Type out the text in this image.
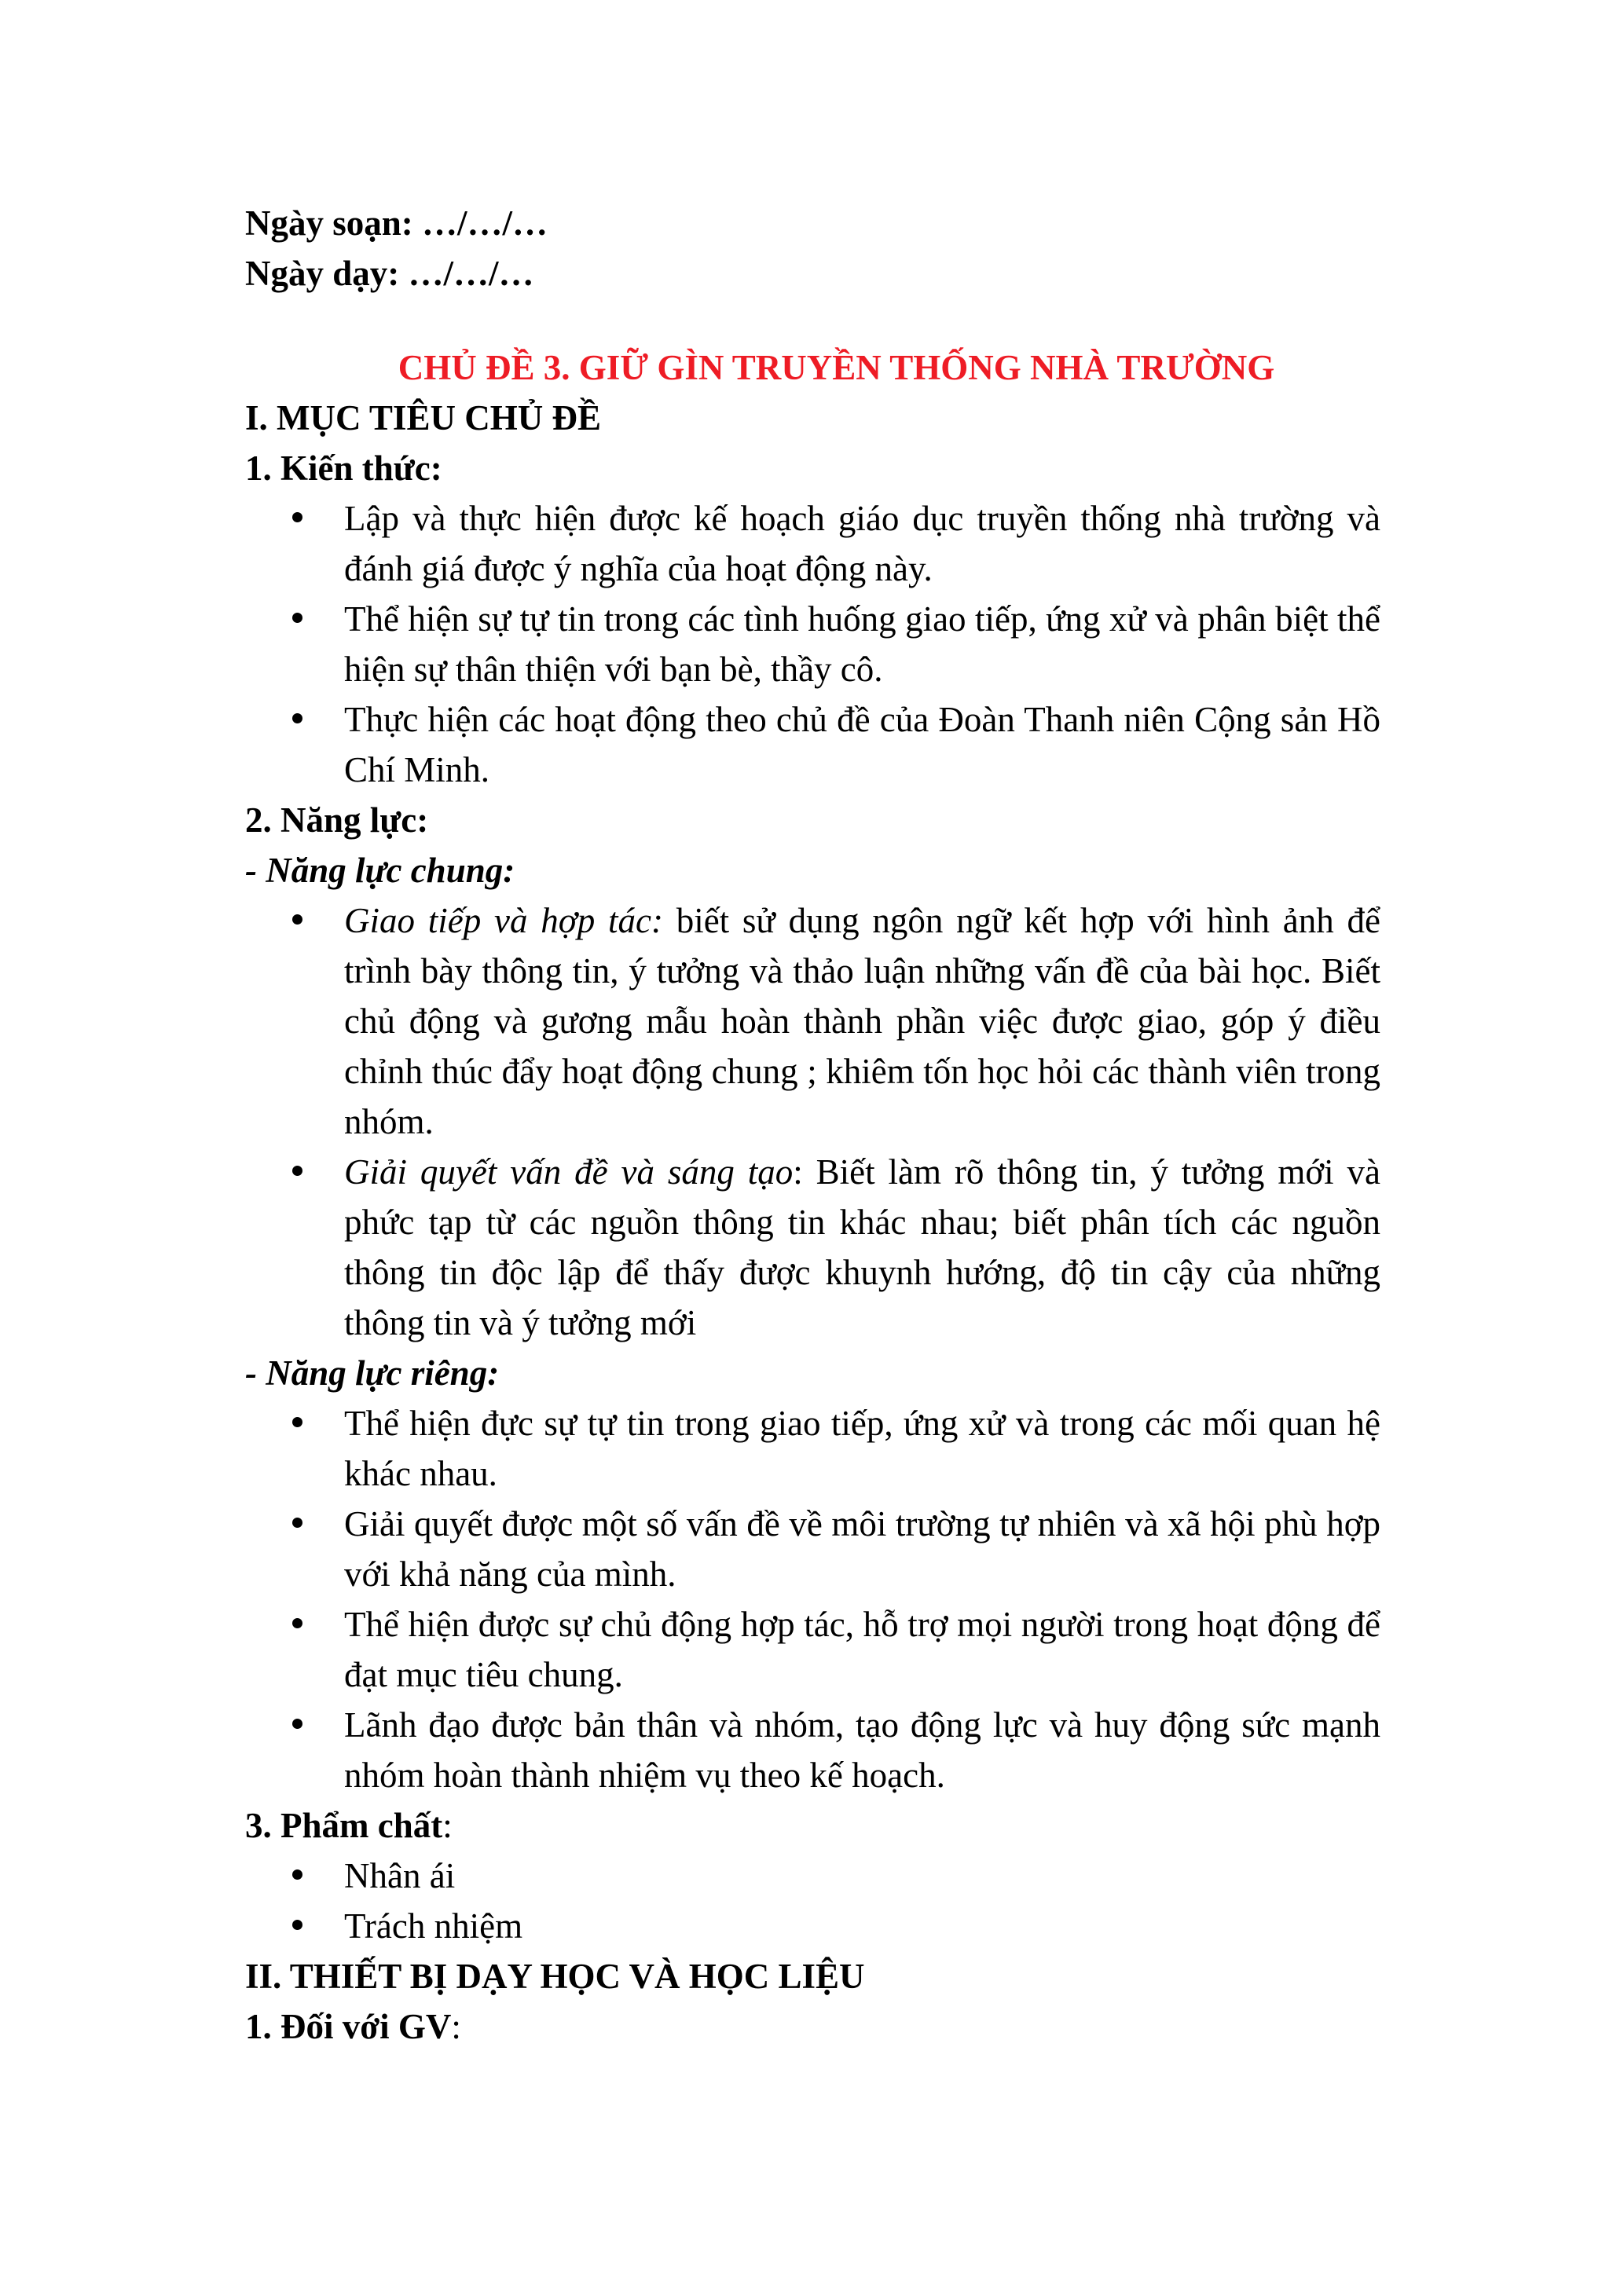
Ngày soạn: …/…/…

Ngày dạy: …/…/…

CHỦ ĐỀ 3. GIỮ GÌN TRUYỀN THỐNG NHÀ TRƯỜNG

I. MỤC TIÊU CHỦ ĐỀ

1. Kiến thức:

Lập và thực hiện được kế hoạch giáo dục truyền thống nhà trường và đánh giá được ý nghĩa của hoạt động này.
Thể hiện sự tự tin trong các tình huống giao tiếp, ứng xử và phân biệt thể hiện sự thân thiện với bạn bè, thầy cô.
Thực hiện các hoạt động theo chủ đề của Đoàn Thanh niên Cộng sản Hồ Chí Minh.

2. Năng lực:

- Năng lực chung:

Giao tiếp và hợp tác: biết sử dụng ngôn ngữ kết hợp với hình ảnh để trình bày thông tin, ý tưởng và thảo luận những vấn đề của bài học. Biết chủ động và gương mẫu hoàn thành phần việc được giao, góp ý điều chỉnh thúc đẩy hoạt động chung ; khiêm tốn học hỏi các thành viên trong nhóm.
Giải quyết vấn đề và sáng tạo: Biết làm rõ thông tin, ý tưởng mới và phức tạp từ các nguồn thông tin khác nhau; biết phân tích các nguồn thông tin độc lập để thấy được khuynh hướng, độ tin cậy của những thông tin và ý tưởng mới

- Năng lực riêng:

Thể hiện đực sự tự tin trong giao tiếp, ứng xử và trong các mối quan hệ khác nhau.
Giải quyết được một số vấn đề về môi trường tự nhiên và xã hội phù hợp với khả năng của mình.
Thể hiện được sự chủ động hợp tác, hỗ trợ mọi người trong hoạt động để đạt mục tiêu chung.
Lãnh đạo được bản thân và nhóm, tạo động lực và huy động sức mạnh nhóm hoàn thành nhiệm vụ theo kế hoạch.

3. Phẩm chất:

Nhân ái
Trách nhiệm

II. THIẾT BỊ DẠY HỌC VÀ HỌC LIỆU

1. Đối với GV:
